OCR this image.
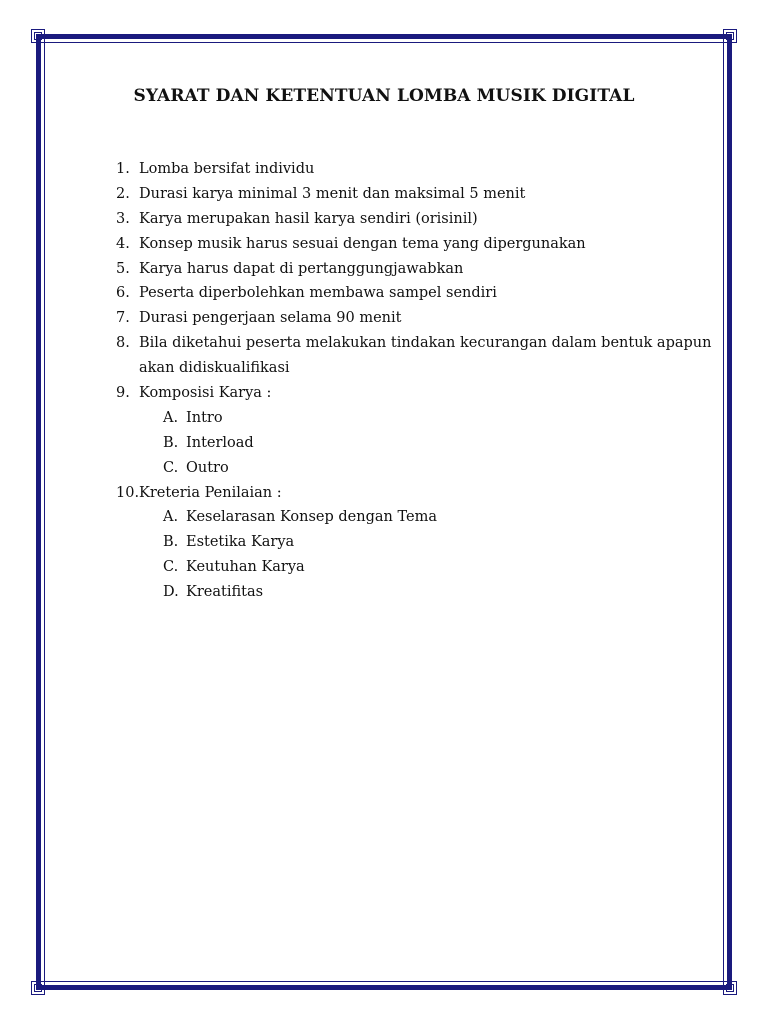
SYARAT DAN KETENTUAN LOMBA MUSIK DIGITAL
1. Lomba bersifat individu
2. Durasi karya minimal 3 menit dan maksimal 5 menit
3. Karya merupakan hasil karya sendiri (orisinil)
4. Konsep musik harus sesuai dengan tema yang dipergunakan
5. Karya harus dapat di pertanggungjawabkan
6. Peserta diperbolehkan membawa sampel sendiri
7. Durasi pengerjaan selama 90 menit
8. Bila diketahui peserta melakukan tindakan kecurangan dalam bentuk apapun
akan didiskualifikasi
9. Komposisi Karya :
A. Intro
B. Interload
C. Outro
10. Kreteria Penilaian :
A. Keselarasan Konsep dengan Tema
B. Estetika Karya
C. Keutuhan Karya
D. Kreatifitas
